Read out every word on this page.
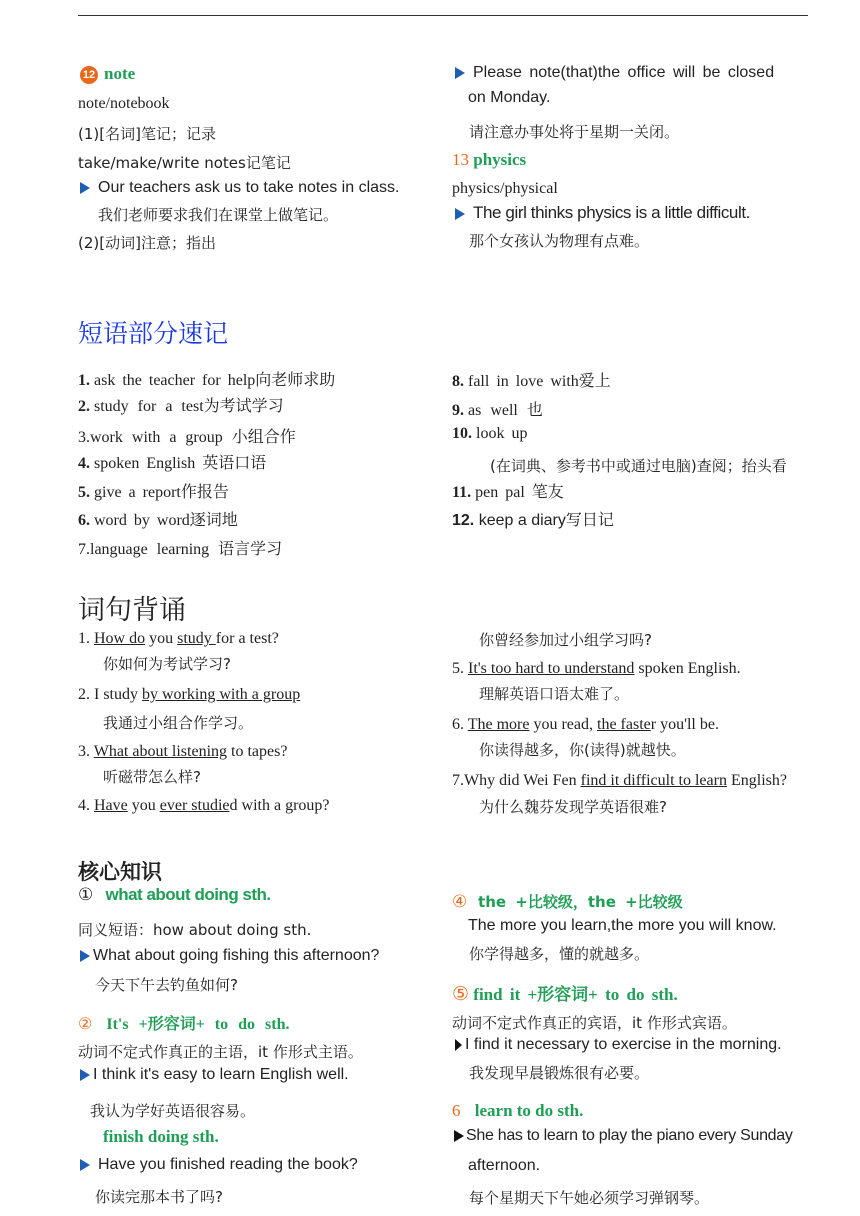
12 note
note/notebook
(1)[名词]笔记；记录
take/make/write notes记笔记
Our teachers ask us to take notes in class.
我们老师要求我们在课堂上做笔记。
(2)[动词]注意；指出
Please note(that)the office will be closed
on Monday.
请注意办事处将于星期一关闭。
13 physics
physics/physical
The girl thinks physics is a little difficult.
那个女孩认为物理有点难。
短语部分速记
1. ask the teacher for help向老师求助
2. study for a test为考试学习
3.work with a group 小组合作
4. spoken English 英语口语
5. give a report作报告
6. word by word逐词地
7.language learning 语言学习
8. fall in love with爱上
9. as well 也
10. look up
(在词典、参考书中或通过电脑)查阅；抬头看
11. pen pal 笔友
12. keep a diary写日记
词句背诵
1. How do you study for a test?
你如何为考试学习?
2. I study by working with a group
我通过小组合作学习。
3. What about listening to tapes?
听磁带怎么样?
4. Have you ever studied with a group?
你曾经参加过小组学习吗?
5. It's too hard to understand spoken English.
理解英语口语太难了。
6. The more you read, the faster you'll be.
你读得越多，你(读得)就越快。
7.Why did Wei Fen find it difficult to learn English?
为什么魏芬发现学英语很难?
核心知识
① what about doing sth.
同义短语：how about doing sth.
What about going fishing this afternoon?
今天下午去钓鱼如何?
② It's +形容词+ to do sth.
动词不定式作真正的主语，it 作形式主语。
I think it's easy to learn English well.
我认为学好英语很容易。
finish doing sth.
Have you finished reading the book?
你读完那本书了吗?
④ the +比较级，the +比较级
The more you learn,the more you will know.
你学得越多，懂的就越多。
⑤ find it +形容词+ to do sth.
动词不定式作真正的宾语，it 作形式宾语。
I find it necessary to exercise in the morning.
我发现早晨锻炼很有必要。
6 learn to do sth.
She has to learn to play the piano every Sunday
afternoon.
每个星期天下午她必须学习弹钢琴。
